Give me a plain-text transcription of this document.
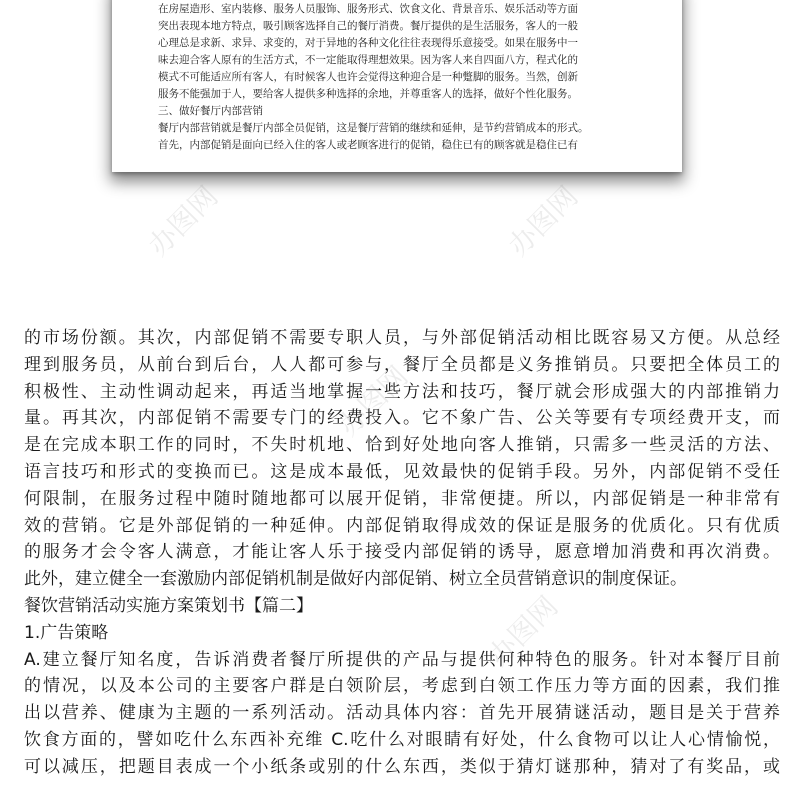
在房屋造形、室内装修、服务人员服饰、服务形式、饮食文化、背景音乐、娱乐活动等方面
突出表现本地方特点，吸引顾客选择自己的餐厅消费。餐厅提供的是生活服务，客人的一般
心理总是求新、求异、求变的，对于异地的各种文化往往表现得乐意接受。如果在服务中一
味去迎合客人原有的生活方式，不一定能取得理想效果。因为客人来自四面八方，程式化的
模式不可能适应所有客人，有时候客人也许会觉得这种迎合是一种蹩脚的服务。当然，创新
服务不能强加于人，要给客人提供多种选择的余地，并尊重客人的选择，做好个性化服务。
三、做好餐厅内部营销
餐厅内部营销就是餐厅内部全员促销，这是餐厅营销的继续和延伸，是节约营销成本的形式。
首先，内部促销是面向已经入住的客人或老顾客进行的促销，稳住已有的顾客就是稳住已有
办图网	办图网
办图网
办图网
的市场份额。其次，内部促销不需要专职人员，与外部促销活动相比既容易又方便。从总经
理到服务员，从前台到后台，人人都可参与，餐厅全员都是义务推销员。只要把全体员工的
积极性、主动性调动起来，再适当地掌握一些方法和技巧，餐厅就会形成强大的内部推销力
量。再其次，内部促销不需要专门的经费投入。它不象广告、公关等要有专项经费开支，而
是在完成本职工作的同时，不失时机地、恰到好处地向客人推销，只需多一些灵活的方法、
语言技巧和形式的变换而已。这是成本最低，见效最快的促销手段。另外，内部促销不受任
何限制，在服务过程中随时随地都可以展开促销，非常便捷。所以，内部促销是一种非常有
效的营销。它是外部促销的一种延伸。内部促销取得成效的保证是服务的优质化。只有优质
的服务才会令客人满意，才能让客人乐于接受内部促销的诱导，愿意增加消费和再次消费。
此外，建立健全一套激励内部促销机制是做好内部促销、树立全员营销意识的制度保证。
餐饮营销活动实施方案策划书【篇二】
1.广告策略
A.建立餐厅知名度，告诉消费者餐厅所提供的产品与提供何种特色的服务。针对本餐厅目前
的情况，以及本公司的主要客户群是白领阶层，考虑到白领工作压力等方面的因素，我们推
出以营养、健康为主题的一系列活动。活动具体内容：首先开展猜谜活动，题目是关于营养
饮食方面的，譬如吃什么东西补充维 C.吃什么对眼睛有好处，什么食物可以让人心情愉悦，
可以减压，把题目表成一个小纸条或别的什么东西，类似于猜灯谜那种，猜对了有奖品，或
